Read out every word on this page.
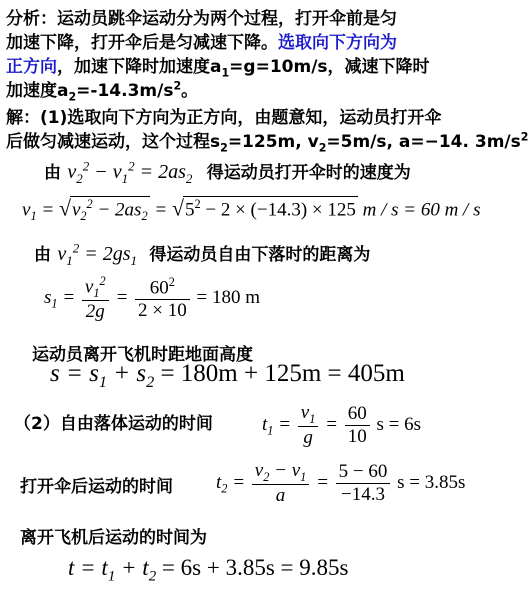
分析：运动员跳伞运动分为两个过程，打开伞前是匀
加速下降，打开伞后是匀减速下降。选取向下方向为
正方向，加速下降时加速度$a_1=g=10m/s$，减速下降时
加速度$a_2=-14.3m/s^2$。
解：(1)选取向下方向为正方向，由题意知，运动员打开伞
后做匀减速运动，这个过程$s_2=125m$, $v_2=5m/s$, a=−14. $3m/s^2$
由 $v_2^2 - v_1^2 = 2as_2$ 得运动员打开伞时的速度为
$v_1 = √v_2^2 - 2as_2 = √5^2 - 2 \times (-14.3) \times 125$ m / s = 60 m / s
由 $v_1^2 = 2gs_1$ 得运动员自由下落时的距离为
$s_1 = \frac{v_1^2}{2g} = \frac{60^2}{2 \times 10} = 180$ m
运动员离开飞机时距地面高度
$s = s_1 + s_2 = 180m + 125m = 405m$
（2）自由落体运动的时间	$t_1 = \frac{v_1}{g} = \frac{60}{10}$ s = 6s
打开伞后运动的时间 $t_2 = \frac{v_2 - v_1}{a} = \frac{5 - 60}{-14.3}$ s = 3.85s
离开飞机后运动的时间为
$t = t_1 + t_2 = 6s + 3.85s = 9.85s$
